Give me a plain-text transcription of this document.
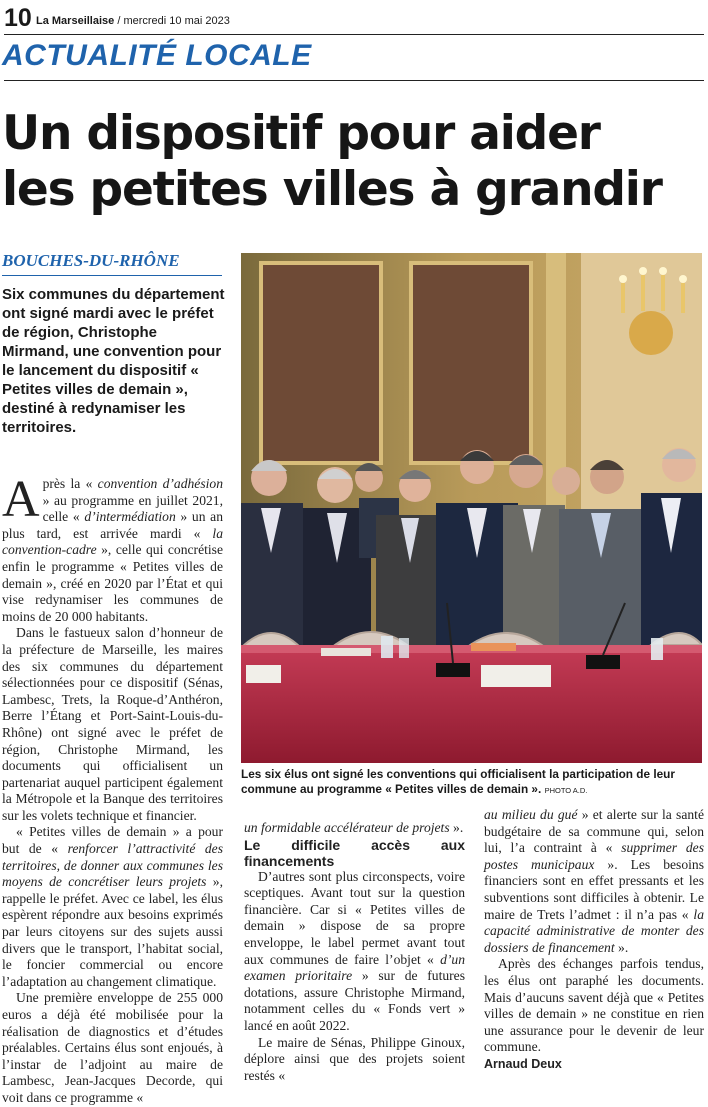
10 La Marseillaise / mercredi 10 mai 2023
ACTUALITÉ LOCALE
Un dispositif pour aider
les petites villes à grandir
BOUCHES-DU-RHÔNE
Six communes du département ont signé mardi avec le préfet de région, Christophe Mirmand, une convention pour le lancement du dispositif « Petites villes de demain », destiné à redynamiser les territoires.

Après la « convention d’adhésion » au programme en juillet 2021, celle « d’intermédiation » un an plus tard, est arrivée mardi « la convention-cadre », celle qui concrétise enfin le programme « Petites villes de demain », créé en 2020 par l’État et qui vise redynamiser les communes de moins de 20 000 habitants.

Dans le fastueux salon d’honneur de la préfecture de Marseille, les maires des six communes du département sélectionnées pour ce dispositif (Sénas, Lambesc, Trets, la Roque-d’Anthéron, Berre l’Étang et Port-Saint-Louis-du-Rhône) ont signé avec le préfet de région, Christophe Mirmand, les documents qui officialisent un partenariat auquel participent également la Métropole et la Banque des territoires sur les volets technique et financier.

« Petites villes de demain » a pour but de « renforcer l’attractivité des territoires, de donner aux communes les moyens de concrétiser leurs projets », rappelle le préfet. Avec ce label, les élus espèrent répondre aux besoins exprimés par leurs citoyens sur des sujets aussi divers que le transport, l’habitat social, le foncier commercial ou encore l’adaptation au changement climatique.

Une première enveloppe de 255 000 euros a déjà été mobilisée pour la réalisation de diagnostics et d’études préalables. Certains élus sont enjoués, à l’instar de l’adjoint au maire de Lambesc, Jean-Jacques Decorde, qui voit dans ce programme «

un formidable accélérateur de projets ».

Le difficile accès aux financements

D’autres sont plus circonspects, voire sceptiques. Avant tout sur la question financière. Car si « Petites villes de demain » dispose de sa propre enveloppe, le label permet avant tout aux communes de faire l’objet « d’un examen prioritaire » sur de futures dotations, assure Christophe Mirmand, notamment celles du « Fonds vert » lancé en août 2022.

Le maire de Sénas, Philippe Ginoux, déplore ainsi que des projets soient restés «

au milieu du gué » et alerte sur la santé budgétaire de sa commune qui, selon lui, l’a contraint à « supprimer des postes municipaux ». Les besoins financiers sont en effet pressants et les subventions sont difficiles à obtenir. Le maire de Trets l’admet : il n’a pas « la capacité administrative de monter des dossiers de financement ».

Après des échanges parfois tendus, les élus ont paraphé les documents. Mais d’aucuns savent déjà que « Petites villes de demain » ne constitue en rien une assurance pour le devenir de leur commune.

Arnaud Deux

Les six élus ont signé les conventions qui officialisent la participation de leur commune au programme « Petites villes de demain ». PHOTO A.D.
